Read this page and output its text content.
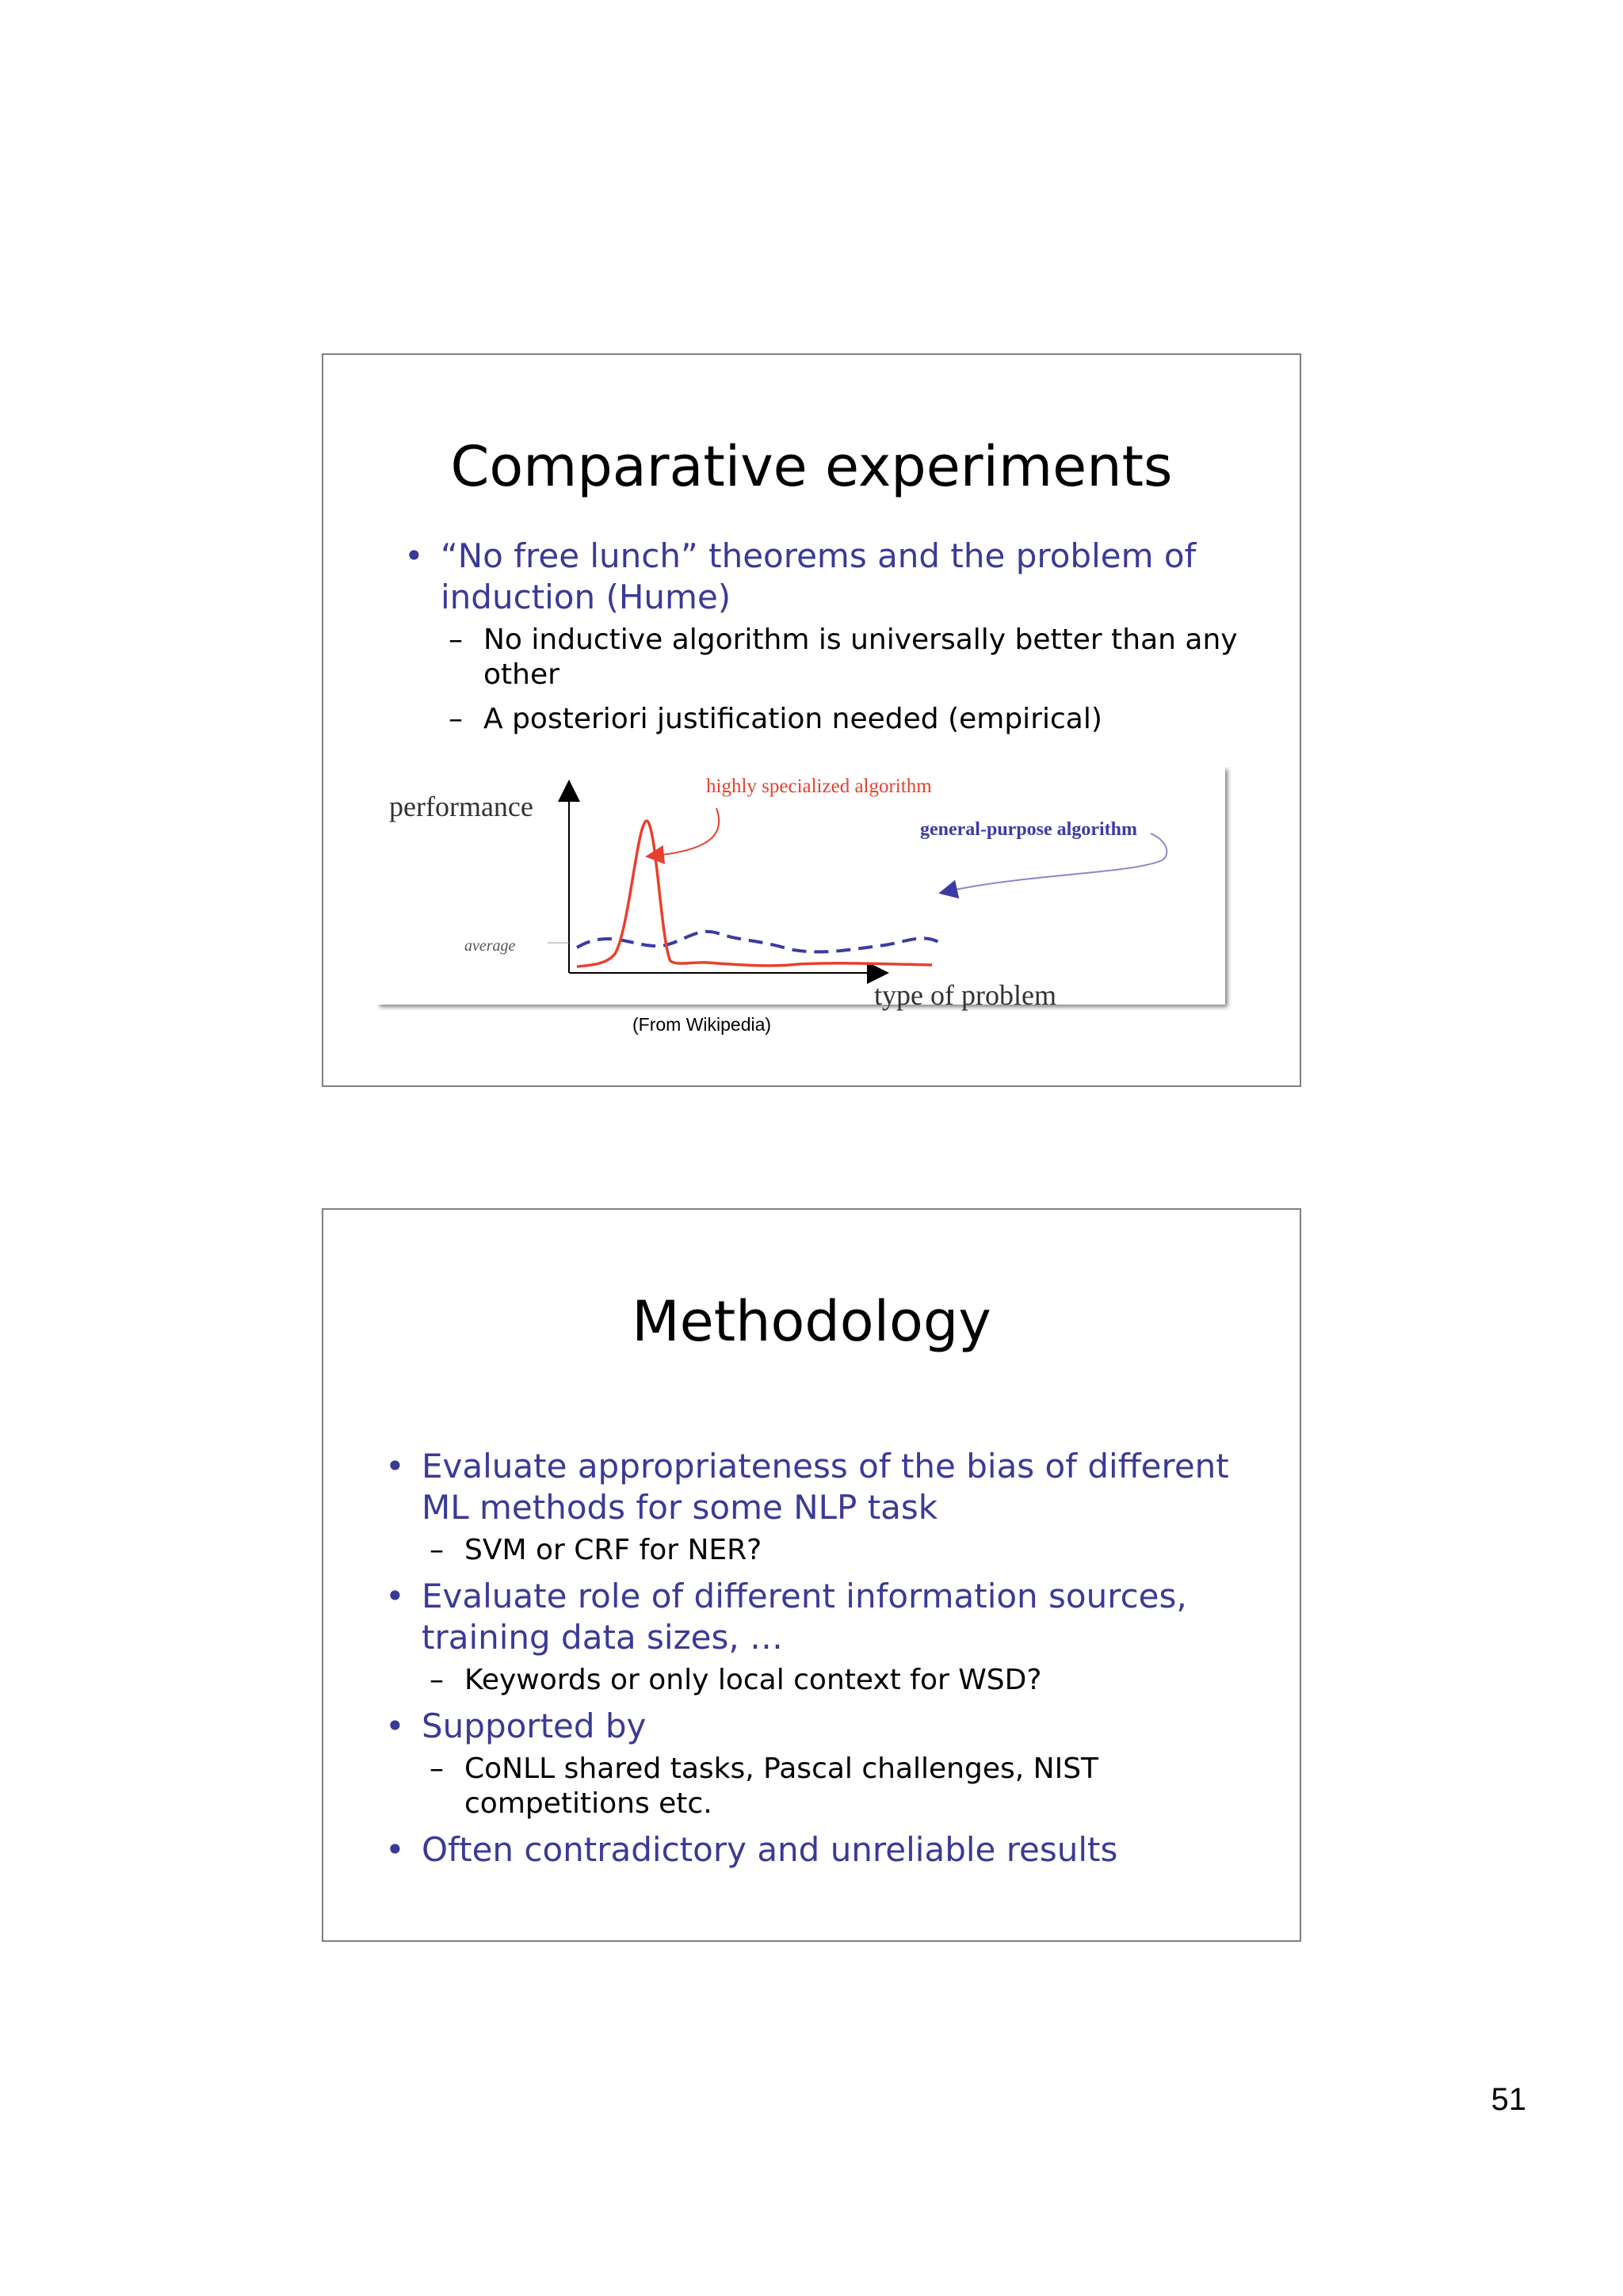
Comparative experiments
• “No free lunch” theorems and the problem of induction (Hume)
– No inductive algorithm is universally better than any other
– A posteriori justification needed (empirical)
performance
type of problem
average
highly specialized algorithm
general-purpose algorithm
(From Wikipedia)
Methodology
• Evaluate appropriateness of the bias of different ML methods for some NLP task
– SVM or CRF for NER?
• Evaluate role of different information sources, training data sizes, …
– Keywords or only local context for WSD?
• Supported by
– CoNLL shared tasks, Pascal challenges, NIST competitions etc.
• Often contradictory and unreliable results
51
